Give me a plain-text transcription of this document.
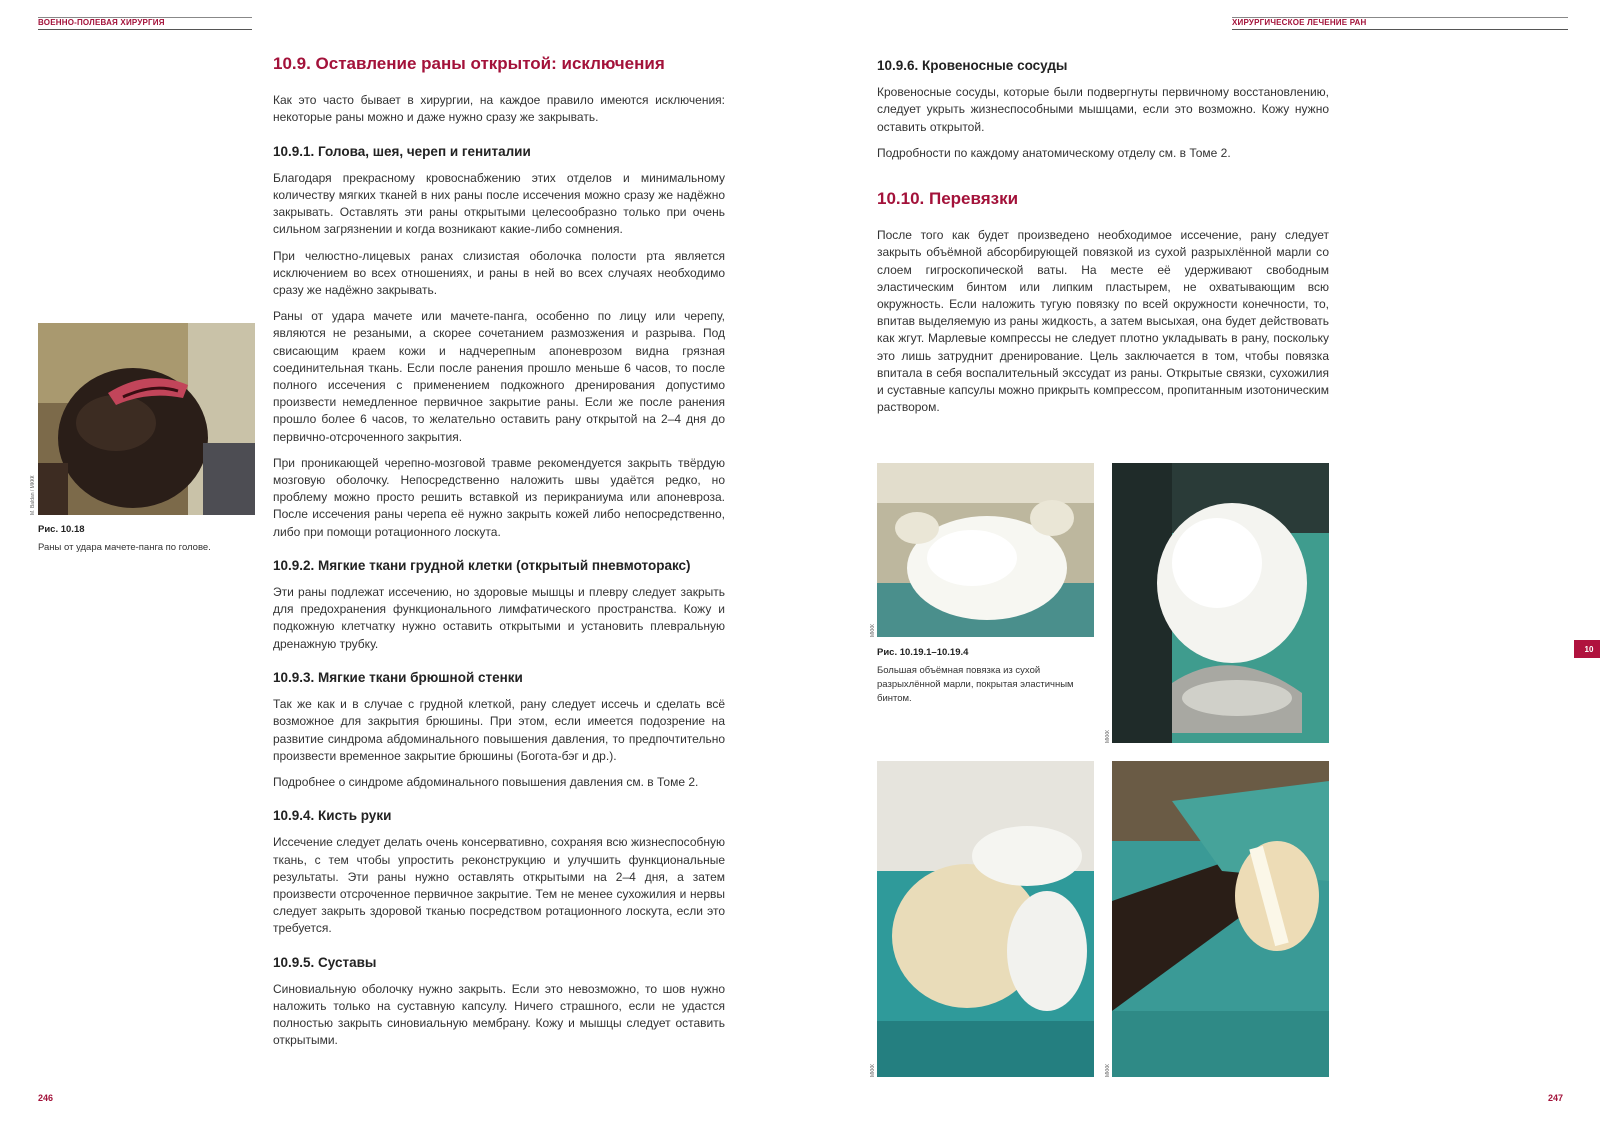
ВОЕННО-ПОЛЕВАЯ ХИРУРГИЯ	ХИРУРГИЧЕСКОЕ ЛЕЧЕНИЕ РАН
10.9. Оставление раны открытой: исключения

Как это часто бывает в хирургии, на каждое правило имеются исключения: некоторые раны можно и даже нужно сразу же закрывать.

10.9.1. Голова, шея, череп и гениталии

Благодаря прекрасному кровоснабжению этих отделов и минимальному количеству мягких тканей в них раны после иссечения можно сразу же надёжно закрывать. Оставлять эти раны открытыми целесообразно только при очень сильном загрязнении и когда возникают какие-либо сомнения.

При челюстно-лицевых ранах слизистая оболочка полости рта является исключением во всех отношениях, и раны в ней во всех случаях необходимо сразу же надёжно закрывать.

Раны от удара мачете или мачете-панга, особенно по лицу или черепу, являются не резаными, а скорее сочетанием размозжения и разрыва. Под свисающим краем кожи и надчерепным апоневрозом видна грязная соединительная ткань. Если после ранения прошло меньше 6 часов, то после полного иссечения с применением подкожного дренирования допустимо произвести немедленное первичное закрытие раны. Если же после ранения прошло более 6 часов, то желательно оставить рану открытой на 2–4 дня до первично-отсроченного закрытия.

При проникающей черепно-мозговой травме рекомендуется закрыть твёрдую мозговую оболочку. Непосредственно наложить швы удаётся редко, но проблему можно просто решить вставкой из перикраниума или апоневроза. После иссечения раны черепа её нужно закрыть кожей либо непосредственно, либо при помощи ротационного лоскута.

10.9.2. Мягкие ткани грудной клетки (открытый пневмоторакс)

Эти раны подлежат иссечению, но здоровые мышцы и плевру следует закрыть для предохранения функционального лимфатического пространства. Кожу и подкожную клетчатку нужно оставить открытыми и установить плевральную дренажную трубку.

10.9.3. Мягкие ткани брюшной стенки

Так же как и в случае с грудной клеткой, рану следует иссечь и сделать всё возможное для закрытия брюшины. При этом, если имеется подозрение на развитие синдрома абдоминального повышения давления, то предпочтительно произвести временное закрытие брюшины (Богота-бэг и др.).

Подробнее о синдроме абдоминального повышения давления см. в Томе 2.

10.9.4. Кисть руки

Иссечение следует делать очень консервативно, сохраняя всю жизнеспособную ткань, с тем чтобы упростить реконструкцию и улучшить функциональные результаты. Эти раны нужно оставлять открытыми на 2–4 дня, а затем произвести отсроченное первичное закрытие. Тем не менее сухожилия и нервы следует закрыть здоровой тканью посредством ротационного лоскута, если это требуется.

10.9.5. Суставы

Синовиальную оболочку нужно закрыть. Если это невозможно, то шов нужно наложить только на суставную капсулу. Ничего страшного, если не удастся полностью закрыть синовиальную мембрану. Кожу и мышцы следует оставить открытыми.

M. Baldan / МККК
Рис. 10.18
Раны от удара мачете-панга по голове.
246
10.9.6. Кровеносные сосуды

Кровеносные сосуды, которые были подвергнуты первичному восстановлению, следует укрыть жизнеспособными мышцами, если это возможно. Кожу нужно оставить открытой.

Подробности по каждому анатомическому отделу см. в Томе 2.

10.10. Перевязки

После того как будет произведено необходимое иссечение, рану следует закрыть объёмной абсорбирующей повязкой из сухой разрыхлённой марли со слоем гигроскопической ваты. На месте её удерживают свободным эластическим бинтом или липким пластырем, не охватывающим всю окружность. Если наложить тугую повязку по всей окружности конечности, то, впитав выделяемую из раны жидкость, а затем высыхая, она будет действовать как жгут. Марлевые компрессы не следует плотно укладывать в рану, поскольку это лишь затруднит дренирование. Цель заключается в том, чтобы повязка впитала в себя воспалительный экссудат из раны. Открытые связки, сухожилия и суставные капсулы можно прикрыть компрессом, пропитанным изотоническим раствором.

МККК
МККК
Рис. 10.19.1–10.19.4
Большая объёмная повязка из сухой разрыхлённой марли, покрытая эластичным бинтом.
МККК	МККК
10
247
